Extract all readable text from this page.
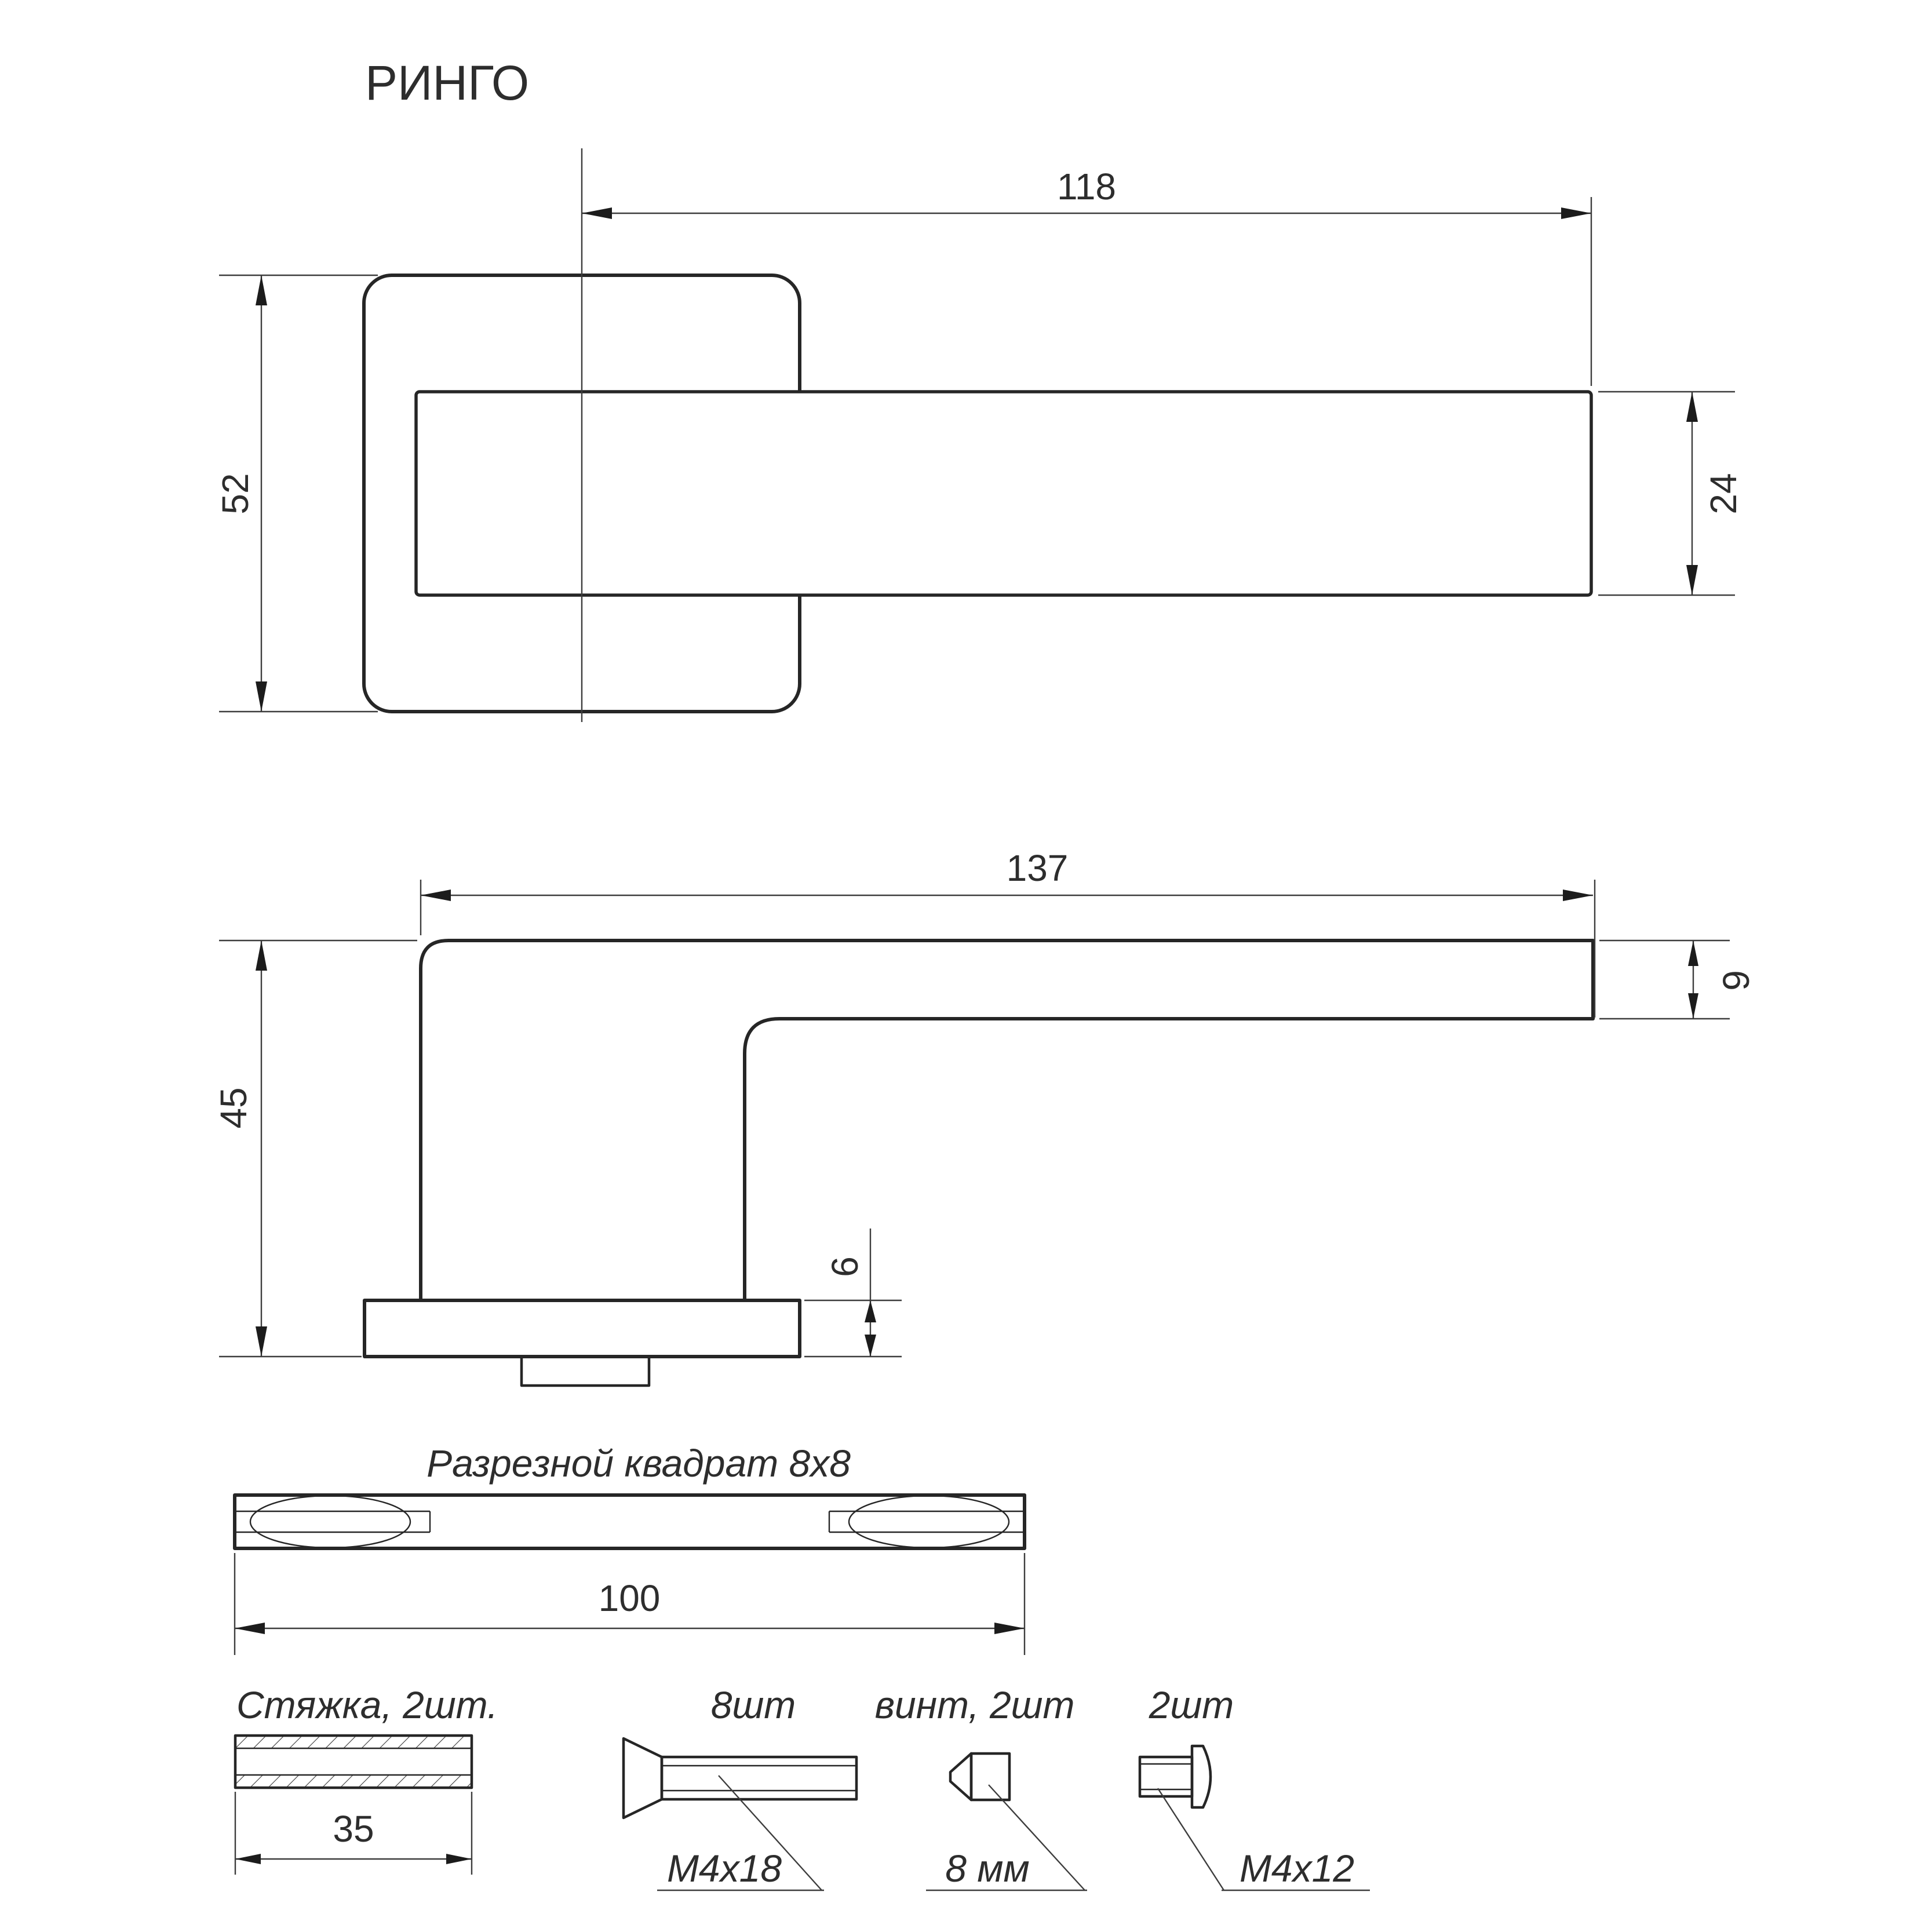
РИНГО
118
52	24
137
9
45
6
Разрезной квадрат 8x8
100
Стяжка, 2шт.
35
8шт
M4x18
винт, 2шт
8 мм
2шт
M4x12
